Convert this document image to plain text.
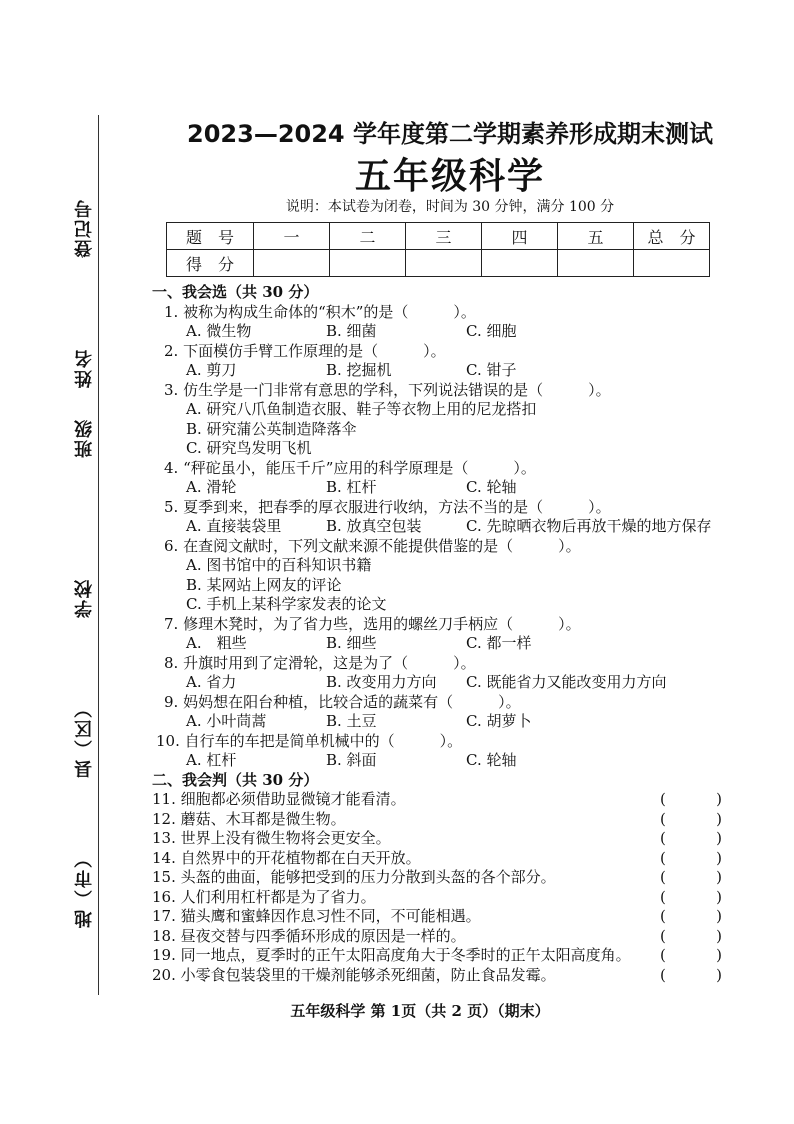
地（市）
县（区）
学校
班级
姓名
登记号
2023—2024 学年度第二学期素养形成期末测试
五年级科学
说明：本试卷为闭卷，时间为 30 分钟，满分 100 分
题　号	一	二	三	四	五	总　分
得　分						
一、我会选（共 30 分）
1. 被称为构成生命体的“积木”的是（　　　）。
A. 微生物	B. 细菌	C. 细胞
2. 下面模仿手臂工作原理的是（　　　）。
A. 剪刀	B. 挖掘机	C. 钳子
3. 仿生学是一门非常有意思的学科，下列说法错误的是（　　　）。
A. 研究八爪鱼制造衣服、鞋子等衣物上用的尼龙搭扣
B. 研究蒲公英制造降落伞
C. 研究鸟发明飞机
4. “秤砣虽小，能压千斤”应用的科学原理是（　　　）。
A. 滑轮	B. 杠杆	C. 轮轴
5. 夏季到来，把春季的厚衣服进行收纳，方法不当的是（　　　）。
A. 直接装袋里	B. 放真空包装	C. 先晾晒衣物后再放干燥的地方保存
6. 在查阅文献时，下列文献来源不能提供借鉴的是（　　　）。
A. 图书馆中的百科知识书籍
B. 某网站上网友的评论
C. 手机上某科学家发表的论文
7. 修理木凳时，为了省力些，选用的螺丝刀手柄应（　　　）。
A.　粗些	B. 细些	C. 都一样
8. 升旗时用到了定滑轮，这是为了（　　　）。
A. 省力	B. 改变用力方向	C. 既能省力又能改变用力方向
9. 妈妈想在阳台种植，比较合适的蔬菜有（　　　）。
A. 小叶茼蒿	B. 土豆	C. 胡萝卜
10. 自行车的车把是简单机械中的（　　　）。
A. 杠杆	B. 斜面	C. 轮轴
二、我会判（共 30 分）
11. 细胞都必须借助显微镜才能看清。	(	)
12. 蘑菇、木耳都是微生物。	(	)
13. 世界上没有微生物将会更安全。	(	)
14. 自然界中的开花植物都在白天开放。	(	)
15. 头盔的曲面，能够把受到的压力分散到头盔的各个部分。	(	)
16. 人们利用杠杆都是为了省力。	(	)
17. 猫头鹰和蜜蜂因作息习性不同，不可能相遇。	(	)
18. 昼夜交替与四季循环形成的原因是一样的。	(	)
19. 同一地点，夏季时的正午太阳高度角大于冬季时的正午太阳高度角。 (	)
20. 小零食包装袋里的干燥剂能够杀死细菌，防止食品发霉。	(	)
五年级科学 第 1页（共 2 页）（期末）
